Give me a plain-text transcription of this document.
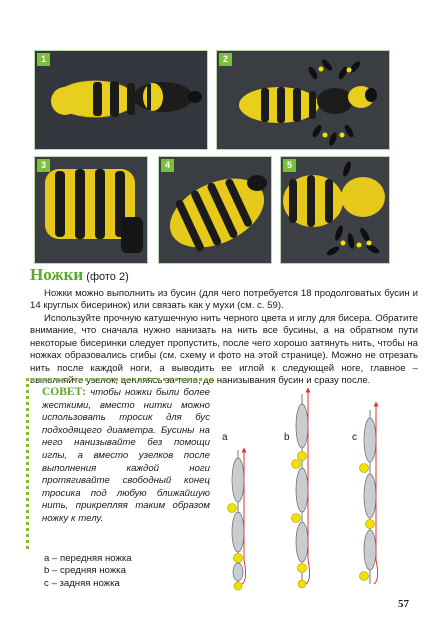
1	2
3	4	5
Ножки (фото 2)

Ножки можно выполнить из бусин (для чего потребуется 18 продолговатых бусин и 14 круглых бисеринок) или связать как у мухи (см. с. 59).

Используйте прочную катушечную нить черного цвета и иглу для бисера. Обратите внимание, что сначала нужно нанизать на нить все бусины, а на обратном пути некоторые бисеринки следует пропустить, после чего хорошо затянуть нить, чтобы на ножках образовались сгибы (см. схему и фото на этой странице). Можно не отрезать нить после каждой ноги, а выводить ее иглой к следующей ноге, главное – выполняйте узелок, цепляясь за тело, до нанизывания бусин и сразу после.

СОВЕТ: чтобы ножки были более жесткими, вместо нитки можно использовать тросик для бус подходящего диаметра. Бусины на него нанизывайте без помощи иглы, а вместо узелков после выполнения каждой ноги протягивайте свободный конец тросика под любую ближайшую нить, прикрепляя таким образом ножку к телу.

a – передняя ножка
b – средняя ножка
c – задняя ножка
a	b	c
57
